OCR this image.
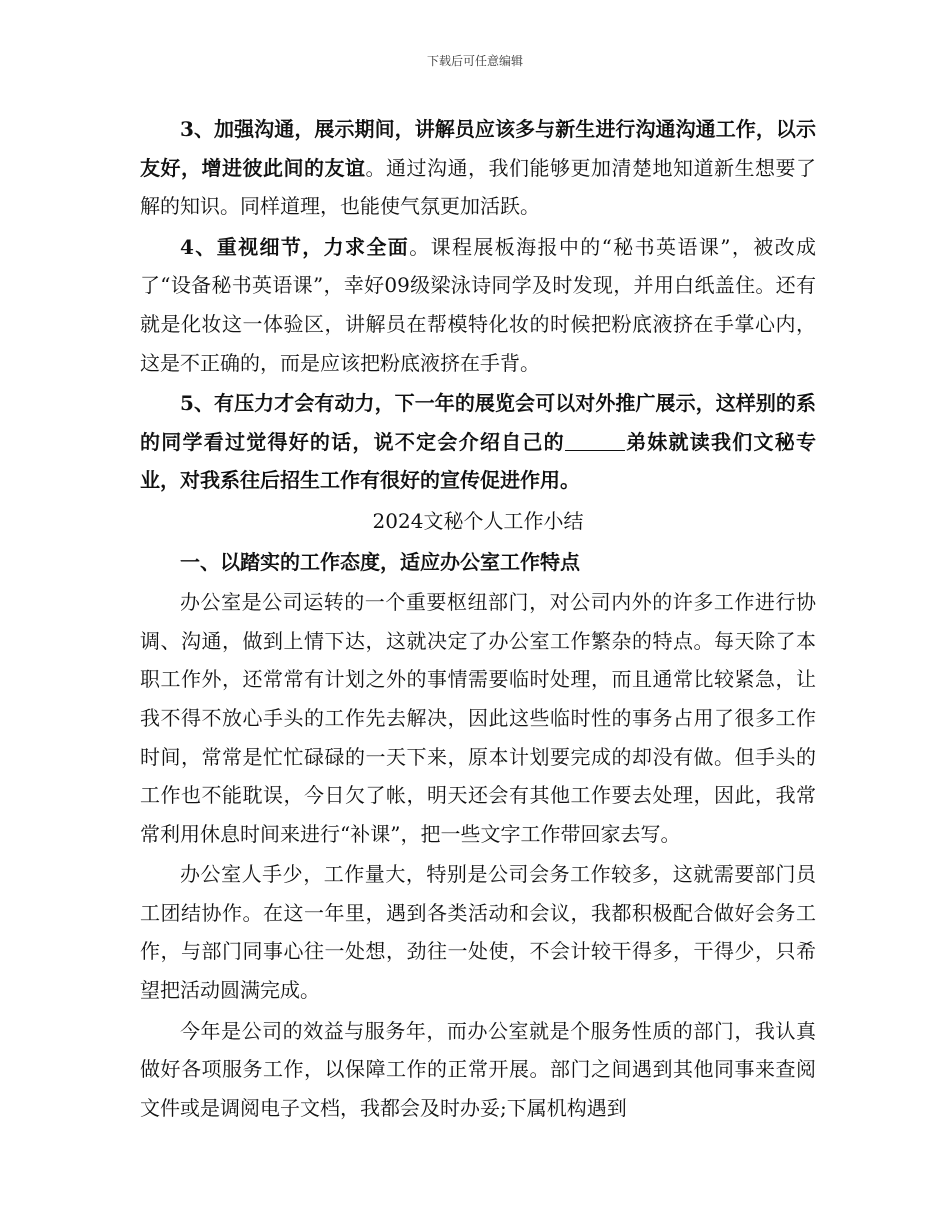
下载后可任意编辑

3、加强沟通，展示期间，讲解员应该多与新生进行沟通沟通工作，以示友好，增进彼此间的友谊。通过沟通，我们能够更加清楚地知道新生想要了解的知识。同样道理，也能使气氛更加活跃。

4、重视细节，力求全面。课程展板海报中的“秘书英语课”，被改成了“设备秘书英语课”，幸好09级梁泳诗同学及时发现，并用白纸盖住。还有就是化妆这一体验区，讲解员在帮模特化妆的时候把粉底液挤在手掌心内，这是不正确的，而是应该把粉底液挤在手背。

5、有压力才会有动力，下一年的展览会可以对外推广展示，这样别的系的同学看过觉得好的话，说不定会介绍自己的	弟妹就读我们文秘专业，对我系往后招生工作有很好的宣传促进作用。

2024文秘个人工作小结

一、以踏实的工作态度，适应办公室工作特点

办公室是公司运转的一个重要枢纽部门，对公司内外的许多工作进行协调、沟通，做到上情下达，这就决定了办公室工作繁杂的特点。每天除了本职工作外，还常常有计划之外的事情需要临时处理，而且通常比较紧急，让我不得不放心手头的工作先去解决，因此这些临时性的事务占用了很多工作时间，常常是忙忙碌碌的一天下来，原本计划要完成的却没有做。但手头的工作也不能耽误，今日欠了帐，明天还会有其他工作要去处理，因此，我常常利用休息时间来进行“补课”，把一些文字工作带回家去写。

办公室人手少，工作量大，特别是公司会务工作较多，这就需要部门员工团结协作。在这一年里，遇到各类活动和会议，我都积极配合做好会务工作，与部门同事心往一处想，劲往一处使，不会计较干得多，干得少，只希望把活动圆满完成。

今年是公司的效益与服务年，而办公室就是个服务性质的部门，我认真做好各项服务工作，以保障工作的正常开展。部门之间遇到其他同事来查阅文件或是调阅电子文档，我都会及时办妥;下属机构遇到
